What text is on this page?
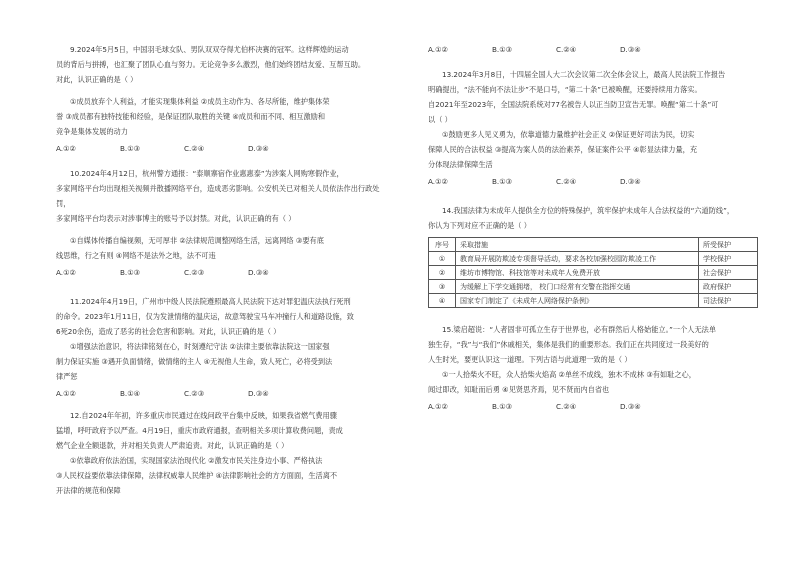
9.2024年5月5日，中国羽毛球女队、男队双双夺得尤伯杯决赛的冠军。这样辉煌的运动

员的背后与拼搏，也汇聚了团队心血与努力。无论竞争多么激烈，他们始终团结友爱、互帮互助。

对此，认识正确的是（ ）

①成员放弃个人利益，才能实现集体利益 ②成员主动作为、各尽所能，维护集体荣

誉 ③成员都有独特技能和经验，是保证团队取胜的关键 ④成员和而不同、相互激励和

竞争是集体发展的动力

A.①②	B.①③	C.②④	D.③④

10.2024年4月12日，杭州警方通报：“泰顺寨宿作业惠惠泰”为涉案人网购寒假作业，

多家网络平台均出现相关视频并散播网络平台，造成恶劣影响。公安机关已对相关人员依法作出行政处罚，

多家网络平台均表示对涉事博主的账号予以封禁。对此，认识正确的有（ ）

①自媒体传播自编视频，无可厚非 ②法律规范调整网络生活，远离网络 ③要有底

线思维，行之有则 ④网络不是法外之地，法不可违

A.①②	B.①③	C.②③	D.③④

11.2024年4月19日，广州市中级人民法院遵照最高人民法院下达对罪犯温庆法执行死刑

的命令。2023年1月11日，仅为发泄情绪的温庆运，故意驾驶宝马车冲撞行人和道路设施，致

6死20余伤，造成了恶劣的社会危害和影响。对此，认识正确的是（ ）

①增强法治意识，将法律铭刻在心，时刻遵纪守法 ②法律主要依靠法院这一国家强

制力保证实施 ③遇开负面情绪，做情绪的主人 ④无视他人生命，致人死亡，必将受到法

律严惩

A.①②	B.①④	C.②③	D.③④

12.自2024年年初，许多重庆市民通过在线问政平台集中反映，如果我省燃气费用骤

猛增，呼吁政府予以严查。4月19日，重庆市政府通报，查明相关多项计算收费问题，责成

燃气企业全额退款，并对相关负责人严肃追责。对此，认识正确的是（ ）

①依靠政府依法治国，实现国家法治现代化 ②激发市民关注身边小事、严格执法

③人民权益要依靠法律保障，法律权威靠人民维护 ④法律影响社会的方方面面，生活离不

开法律的规范和保障

A.①②	B.①③	C.②④	D.③④

13.2024年3月8日，十四届全国人大二次会议第二次全体会议上，最高人民法院工作报告

明确提出，“法不能向不法让步”不是口号，“第二十条”已被唤醒，还要持续用力落实。

自2021年至2023年，全国法院系统对77名被告人以正当防卫宣告无罪。唤醒“第二十条”可

以（ ）

①鼓励更多人见义勇为，依靠道德力量维护社会正义 ②保证更好司法为民，切实

保障人民的合法权益 ③提高为案人员的法治素养，保证案件公平 ④彰显法律力量，充

分体现法律保障生活

A.①②	B.①③	C.②④	D.③④

14.我国法律为未成年人提供全方位的特殊保护，筑牢保护未成年人合法权益的“六道防线”，

你认为下列对应不正确的是（ ）

序号	采取措施	所受保护
①	教育局开展防欺凌专项督导活动，要求各校加强校园防欺凌工作	学校保护
②	维坊市博物馆、科技馆等对未成年人免费开放	社会保护
③	为缓解上下学交通拥堵， 校门口经常有交警在指挥交通	政府保护
④	国家专门制定了《未成年人网络保护条例》	司法保护

15.梁启超说：“人者固非可孤立生存于世界也，必有群然后人格始能立。”一个人无法单

独生存，“我”与“我们”休戚相关，集体是我们的重要形态。我们正在共同度过一段美好的

人生时光，要更认识这一道理。下列古语与此道理一致的是（ ）

①一人拾柴火不旺，众人拾柴火焰高 ②单丝不成线，独木不成林 ③有如耻之心，

闻过即改，知耻而后勇 ④见贤思齐焉，见不贤而内自省也

A.①②	B.①③	C.②④	D.③④
